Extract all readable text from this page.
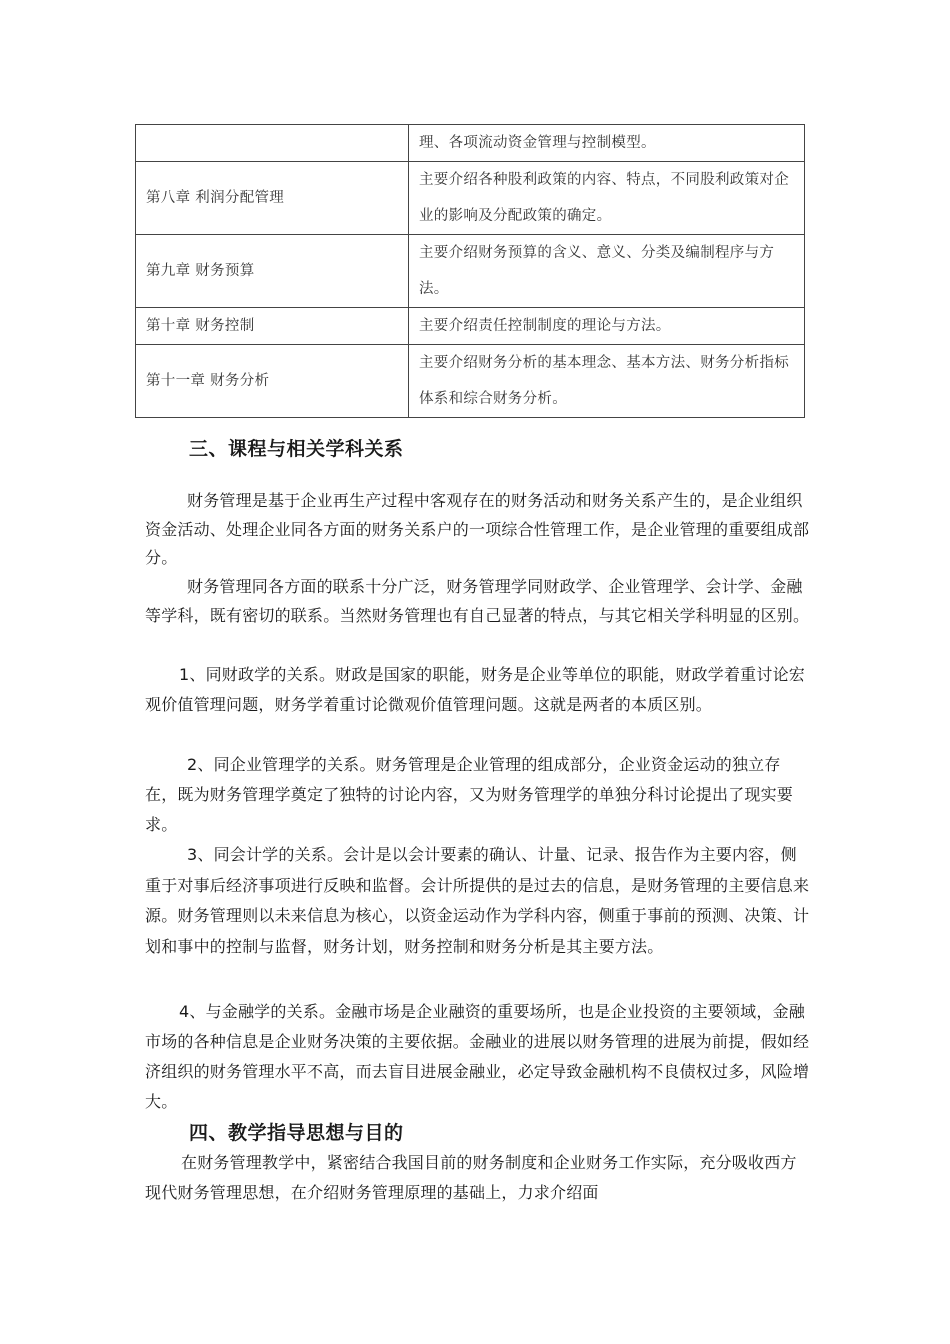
	理、各项流动资金管理与控制模型。
第八章 利润分配管理	主要介绍各种股利政策的内容、特点，不同股利政策对企业的影响及分配政策的确定。
第九章 财务预算	主要介绍财务预算的含义、意义、分类及编制程序与方法。
第十章 财务控制	主要介绍责任控制制度的理论与方法。
第十一章 财务分析	主要介绍财务分析的基本理念、基本方法、财务分析指标体系和综合财务分析。
三、课程与相关学科关系

财务管理是基于企业再生产过程中客观存在的财务活动和财务关系产生的，是企业组织资金活动、处理企业同各方面的财务关系户的一项综合性管理工作，是企业管理的重要组成部分。

财务管理同各方面的联系十分广泛，财务管理学同财政学、企业管理学、会计学、金融等学科，既有密切的联系。当然财务管理也有自己显著的特点，与其它相关学科明显的区别。

1、同财政学的关系。财政是国家的职能，财务是企业等单位的职能，财政学着重讨论宏观价值管理问题，财务学着重讨论微观价值管理问题。这就是两者的本质区别。

2、同企业管理学的关系。财务管理是企业管理的组成部分，企业资金运动的独立存在，既为财务管理学奠定了独特的讨论内容，又为财务管理学的单独分科讨论提出了现实要求。

3、同会计学的关系。会计是以会计要素的确认、计量、记录、报告作为主要内容，侧重于对事后经济事项进行反映和监督。会计所提供的是过去的信息，是财务管理的主要信息来源。财务管理则以未来信息为核心，以资金运动作为学科内容，侧重于事前的预测、决策、计划和事中的控制与监督，财务计划，财务控制和财务分析是其主要方法。

4、与金融学的关系。金融市场是企业融资的重要场所，也是企业投资的主要领域，金融市场的各种信息是企业财务决策的主要依据。金融业的进展以财务管理的进展为前提，假如经济组织的财务管理水平不高，而去盲目进展金融业，必定导致金融机构不良债权过多，风险增大。

四、教学指导思想与目的

在财务管理教学中，紧密结合我国目前的财务制度和企业财务工作实际，充分吸收西方现代财务管理思想，在介绍财务管理原理的基础上，力求介绍面
